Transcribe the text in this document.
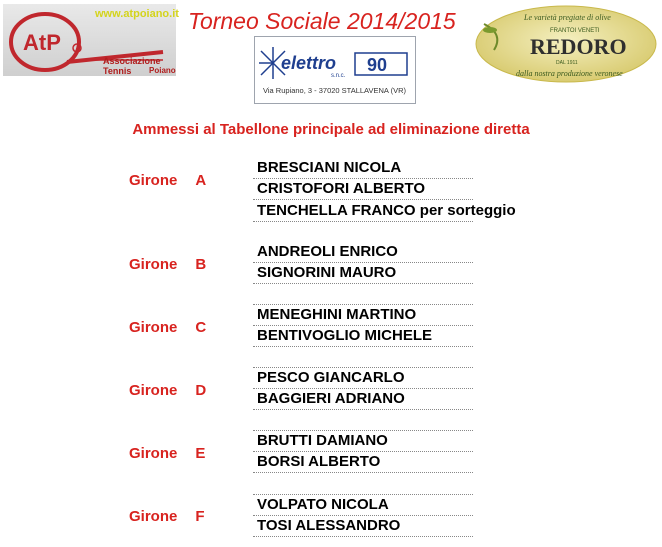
AtP
www.atpoiano.it
Associazione Tennis	Poiano
Torneo Sociale 2014/2015
elettro
s.n.c.
90
Via Rupiano, 3 - 37020 STALLAVENA (VR)
Le varietà pregiate di olive
FRANTOI VENETI
REDORO
DAL 1911
dalla nostra produzione veronese
Ammessi al Tabellone principale ad eliminazione diretta
Girone A
BRESCIANI NICOLA
CRISTOFORI ALBERTO
TENCHELLA FRANCO per sorteggio
Girone B
ANDREOLI ENRICO
SIGNORINI MAURO
Girone C
MENEGHINI MARTINO
BENTIVOGLIO MICHELE
Girone D
PESCO GIANCARLO
BAGGIERI ADRIANO
Girone E
BRUTTI DAMIANO
BORSI ALBERTO
Girone F
VOLPATO NICOLA
TOSI ALESSANDRO
